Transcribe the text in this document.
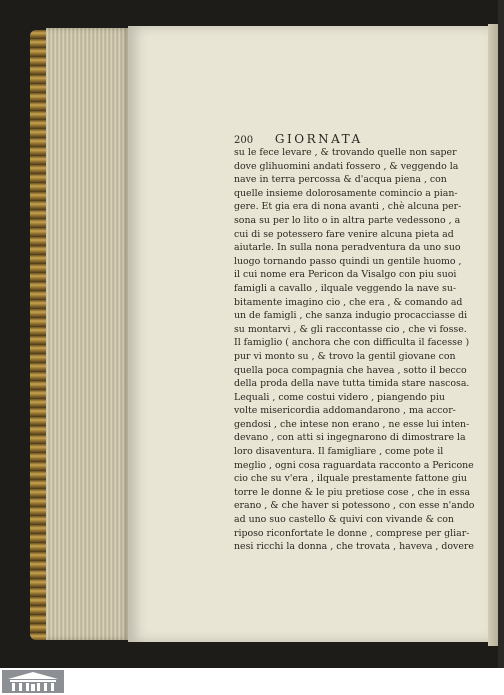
200 GIORNATA
su le fece levare , & trovando quelle non saper
dove glihuomini andati fossero , & veggendo la
nave in terra percossa & d'acqua piena , con
quelle insieme dolorosamente comincio a pian-
gere. Et gia era di nona avanti , chè alcuna per-
sona su per lo lito o in altra parte vedessono , a
cui di se potessero fare venire alcuna pieta ad
aiutarle. In sulla nona peradventura da uno suo
luogo tornando passo quindi un gentile huomo ,
il cui nome era Pericon da Visalgo con piu suoi
famigli a cavallo , ilquale veggendo la nave su-
bitamente imagino cio , che era , & comando ad
un de famigli , che sanza indugio procacciasse di
su montarvi , & gli raccontasse cio , che vi fosse.
Il famiglio ( anchora che con difficulta il facesse )
pur vi monto su , & trovo la gentil giovane con
quella poca compagnia che havea , sotto il becco
della proda della nave tutta timida stare nascosa.
Lequali , come costui videro , piangendo piu
volte misericordia addomandarono , ma accor-
gendosi , che intese non erano , ne esse lui inten-
devano , con atti si ingegnarono di dimostrare la
loro disaventura. Il famigliare , come pote il
meglio , ogni cosa raguardata racconto a Pericone
cio che su v'era , ilquale prestamente fattone giu
torre le donne & le piu pretiose cose , che in essa
erano , & che haver si potessono , con esse n'ando
ad uno suo castello & quivi con vivande & con
riposo riconfortate le donne , comprese per gliar-
nesi ricchi la donna , che trovata , haveva , dovere
